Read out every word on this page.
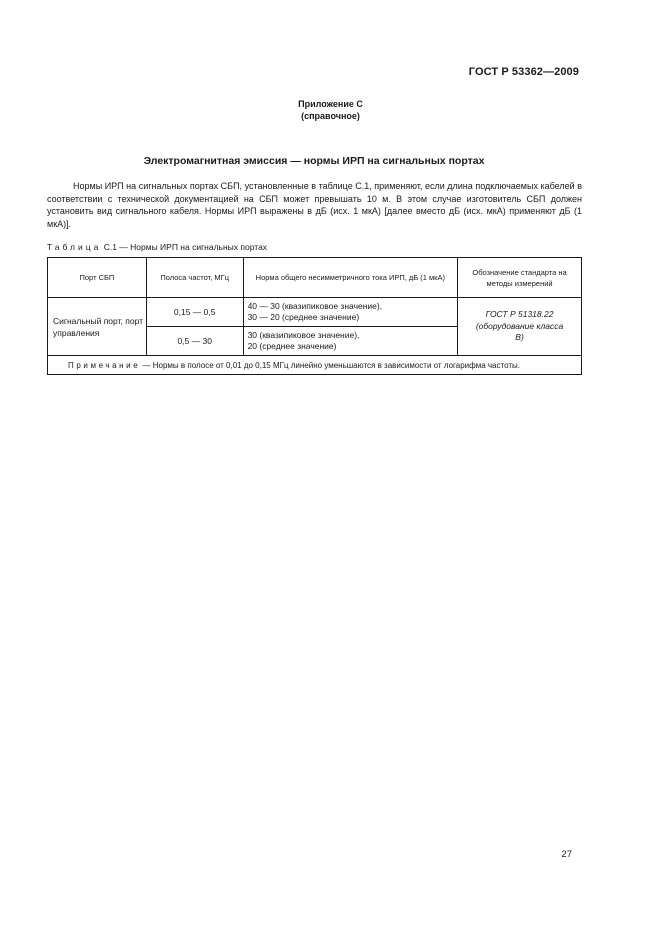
ГОСТ Р 53362—2009
Приложение С
(справочное)
Электромагнитная эмиссия — нормы ИРП на сигнальных портах

Нормы ИРП на сигнальных портах СБП, установленные в таблице С.1, применяют, если длина подключаемых кабелей в соответствии с технической документацией на СБП может превышать 10 м. В этом случае изготовитель СБП должен установить вид сигнального кабеля. Нормы ИРП выражены в дБ (исх. 1 мкА) [далее вместо дБ (исх. мкА) применяют дБ (1 мкА)].

Таблица С.1 — Нормы ИРП на сигнальных портах
Порт СБП	Полоса частот, МГц	Норма общего несимметричного тока ИРП, дБ (1 мкА)	Обозначение стандарта на методы измерений
Сигнальный порт, порт управления	0,15 — 0,5	40 — 30 (квазипиковое значение),
30 — 20 (среднее значение)	ГОСТ Р 51318.22 (оборудование класса В)
	0,5 — 30	30 (квазипиковое значение),
20 (среднее значение)	

Примечание — Нормы в полосе от 0,01 до 0,15 МГц линейно уменьшаются в зависимости от логарифма частоты.			
27
